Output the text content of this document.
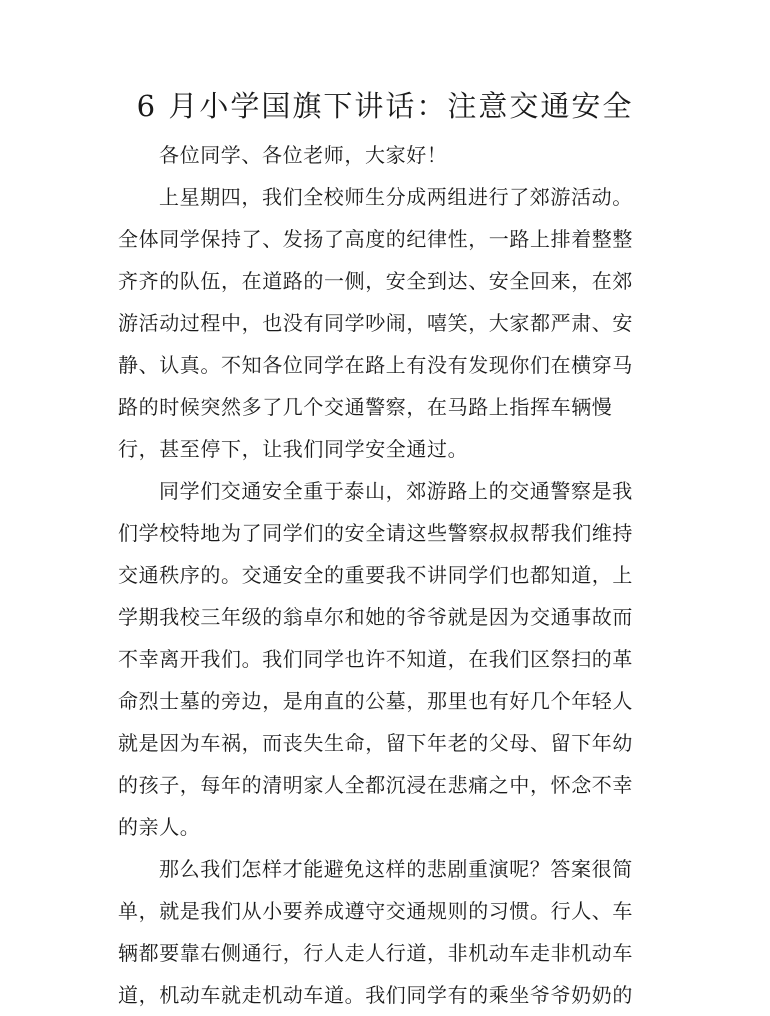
6 月小学国旗下讲话：注意交通安全
各位同学、各位老师，大家好！
上星期四，我们全校师生分成两组进行了郊游活动。
全体同学保持了、发扬了高度的纪律性，一路上排着整整
齐齐的队伍，在道路的一侧，安全到达、安全回来，在郊
游活动过程中，也没有同学吵闹，嘻笑，大家都严肃、安
静、认真。不知各位同学在路上有没有发现你们在横穿马
路的时候突然多了几个交通警察，在马路上指挥车辆慢
行，甚至停下，让我们同学安全通过。
同学们交通安全重于泰山，郊游路上的交通警察是我
们学校特地为了同学们的安全请这些警察叔叔帮我们维持
交通秩序的。交通安全的重要我不讲同学们也都知道，上
学期我校三年级的翁卓尔和她的爷爷就是因为交通事故而
不幸离开我们。我们同学也许不知道，在我们区祭扫的革
命烈士墓的旁边，是甪直的公墓，那里也有好几个年轻人
就是因为车祸，而丧失生命，留下年老的父母、留下年幼
的孩子，每年的清明家人全都沉浸在悲痛之中，怀念不幸
的亲人。
那么我们怎样才能避免这样的悲剧重演呢？答案很简
单，就是我们从小要养成遵守交通规则的习惯。行人、车
辆都要靠右侧通行，行人走人行道，非机动车走非机动车
道，机动车就走机动车道。我们同学有的乘坐爷爷奶奶的
